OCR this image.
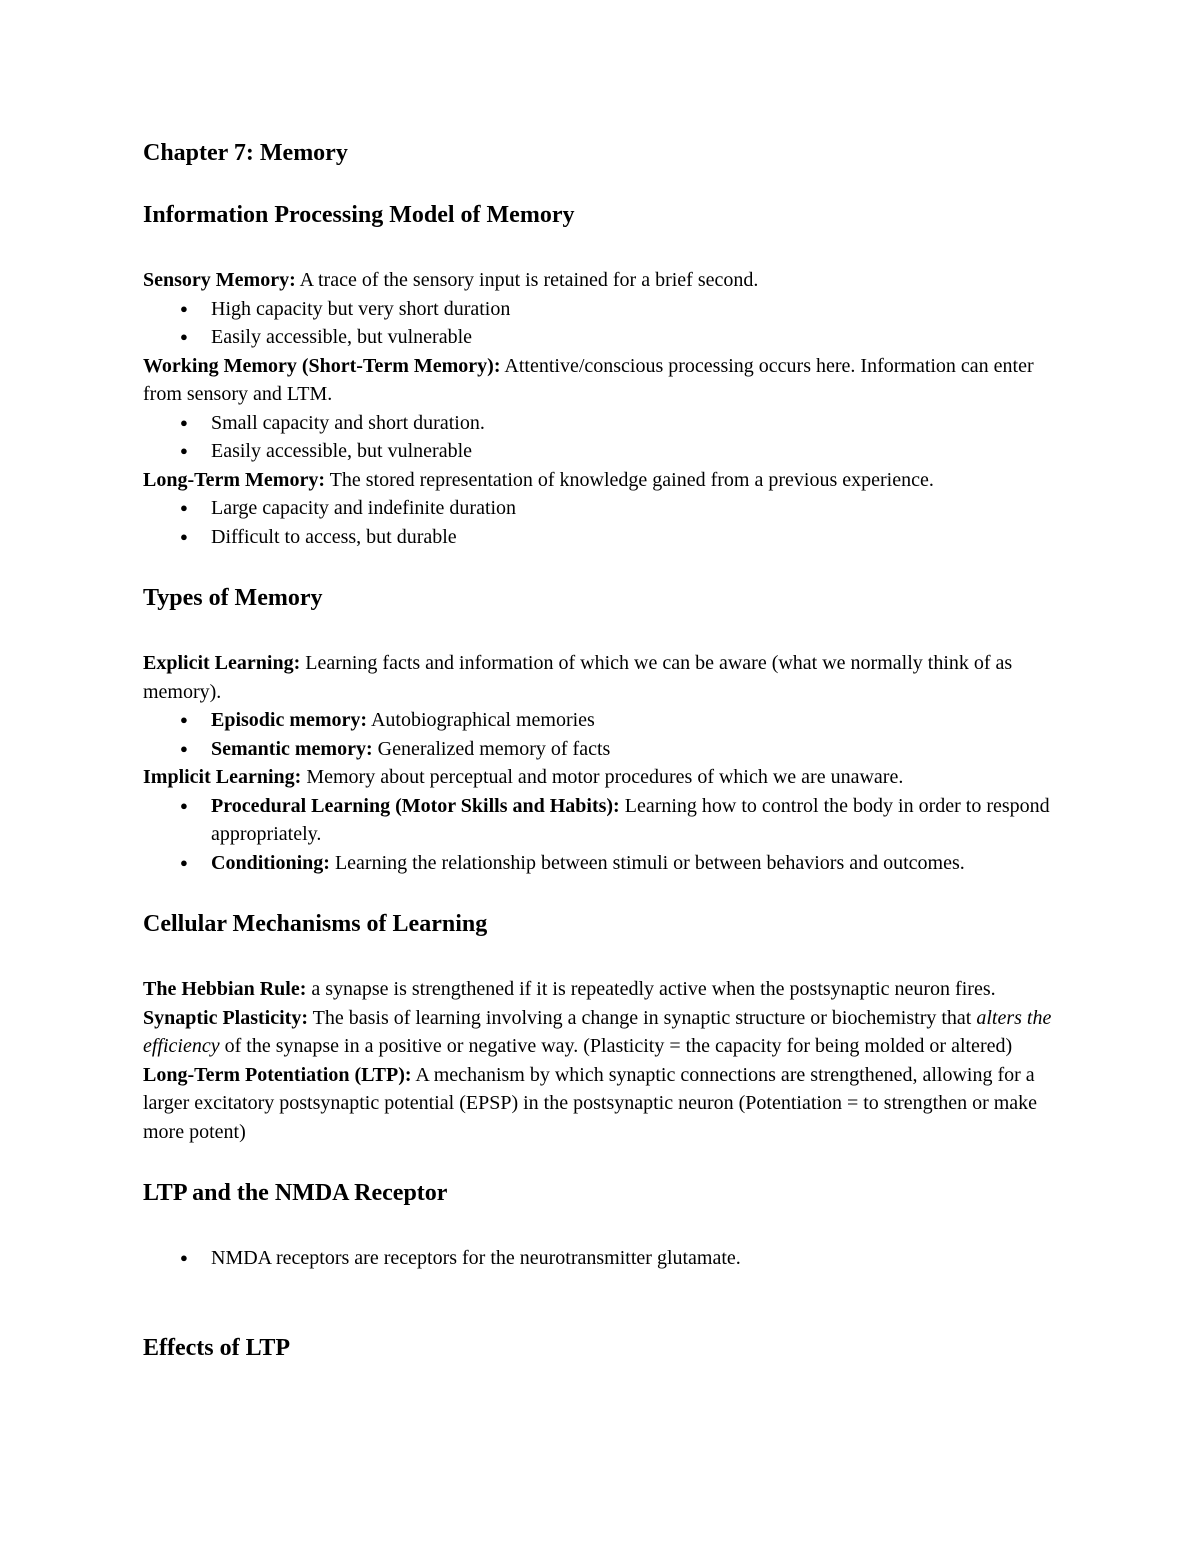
Chapter 7: Memory
Information Processing Model of Memory

Sensory Memory: A trace of the sensory input is retained for a brief second.

●	High capacity but very short duration
●	Easily accessible, but vulnerable

Working Memory (Short-Term Memory): Attentive/conscious processing occurs here. Information can enter from sensory and LTM.

●	Small capacity and short duration.
●	Easily accessible, but vulnerable

Long-Term Memory: The stored representation of knowledge gained from a previous experience.

●	Large capacity and indefinite duration
●	Difficult to access, but durable
Types of Memory

Explicit Learning: Learning facts and information of which we can be aware (what we normally think of as memory).

●	Episodic memory: Autobiographical memories
●	Semantic memory: Generalized memory of facts

Implicit Learning: Memory about perceptual and motor procedures of which we are unaware.

●	Procedural Learning (Motor Skills and Habits): Learning how to control the body in order to respond appropriately.
●	Conditioning: Learning the relationship between stimuli or between behaviors and outcomes.
Cellular Mechanisms of Learning

The Hebbian Rule: a synapse is strengthened if it is repeatedly active when the postsynaptic neuron fires.

Synaptic Plasticity: The basis of learning involving a change in synaptic structure or biochemistry that alters the efficiency of the synapse in a positive or negative way. (Plasticity = the capacity for being molded or altered)

Long-Term Potentiation (LTP): A mechanism by which synaptic connections are strengthened, allowing for a larger excitatory postsynaptic potential (EPSP) in the postsynaptic neuron (Potentiation = to strengthen or make more potent)

LTP and the NMDA Receptor
●	NMDA receptors are receptors for the neurotransmitter glutamate.
Effects of LTP
